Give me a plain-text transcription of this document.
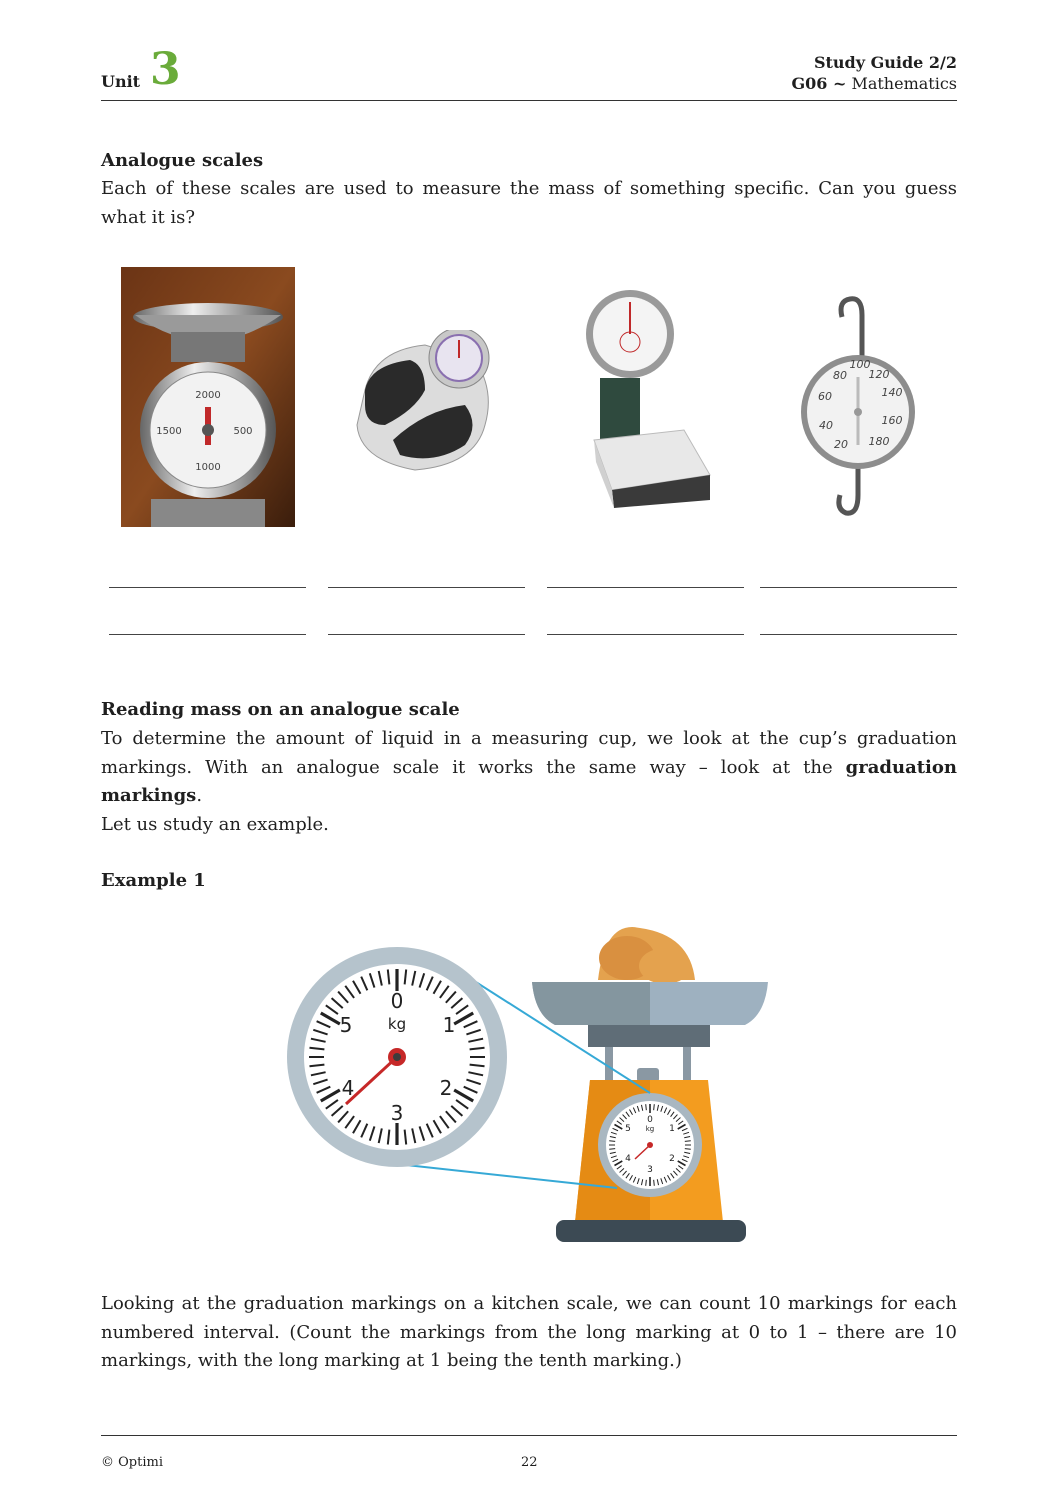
Unit 3	Study Guide 2/2
G06 ~ Mathematics
Analogue scales
Each of these scales are used to measure the mass of something specific. Can you guess what it is?
2000
1500	500
1000
100
120
140
160
180
20
40
60
80
Reading mass on an analogue scale
To determine the amount of liquid in a measuring cup, we look at the cup’s graduation markings. With an analogue scale it works the same way – look at the graduation markings.
Let us study an example.
Example 1
0
1
2
3
4
5 kg
0
1
2
3
4
5 kg
Looking at the graduation markings on a kitchen scale, we can count 10 markings for each numbered interval. (Count the markings from the long marking at 0 to 1 – there are 10 markings, with the long marking at 1 being the tenth marking.)
© Optimi	22
